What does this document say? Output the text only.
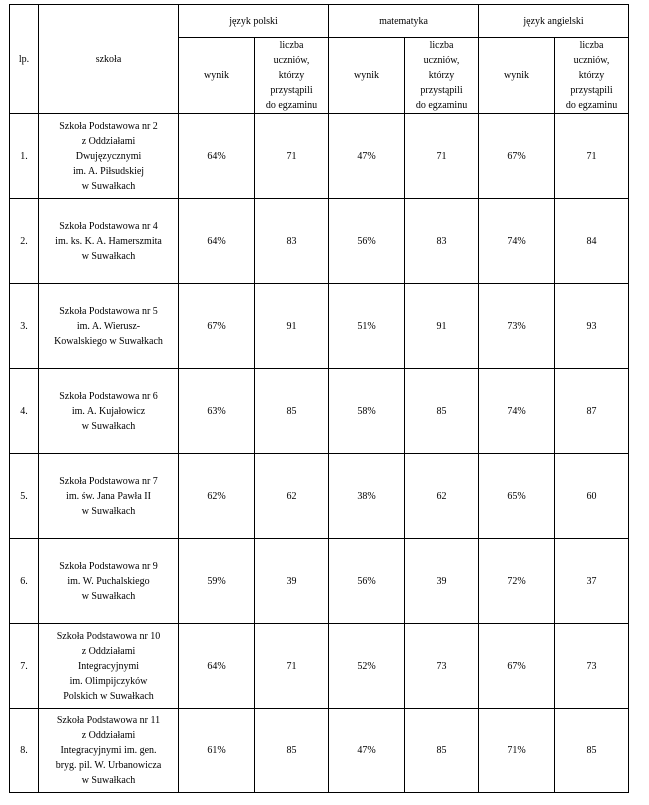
lp.	szkoła	język polski		matematyka		język angielski	
		wynik	liczba
uczniów,
którzy
przystąpili
do egzaminu	wynik	liczba
uczniów,
którzy
przystąpili
do egzaminu	wynik	liczba
uczniów,
którzy
przystąpili
do egzaminu
1.	Szkoła Podstawowa nr 2
z Oddziałami
Dwujęzycznymi
im. A. Piłsudskiej
w Suwałkach	64%	71	47%	71	67%	71
2.	Szkoła Podstawowa nr 4
im. ks. K. A. Hamerszmita
w Suwałkach	64%	83	56%	83	74%	84
3.	Szkoła Podstawowa nr 5
im. A. Wierusz-
Kowalskiego w Suwałkach	67%	91	51%	91	73%	93
4.	Szkoła Podstawowa nr 6
im. A. Kujałowicz
w Suwałkach	63%	85	58%	85	74%	87
5.	Szkoła Podstawowa nr 7
im. św. Jana Pawła II
w Suwałkach	62%	62	38%	62	65%	60
6.	Szkoła Podstawowa nr 9
im. W. Puchalskiego
w Suwałkach	59%	39	56%	39	72%	37
7.	Szkoła Podstawowa nr 10
z Oddziałami
Integracyjnymi
im. Olimpijczyków
Polskich w Suwałkach	64%	71	52%	73	67%	73
8.	Szkoła Podstawowa nr 11
z Oddziałami
Integracyjnymi im. gen.
bryg. pil. W. Urbanowicza
w Suwałkach	61%	85	47%	85	71%	85
